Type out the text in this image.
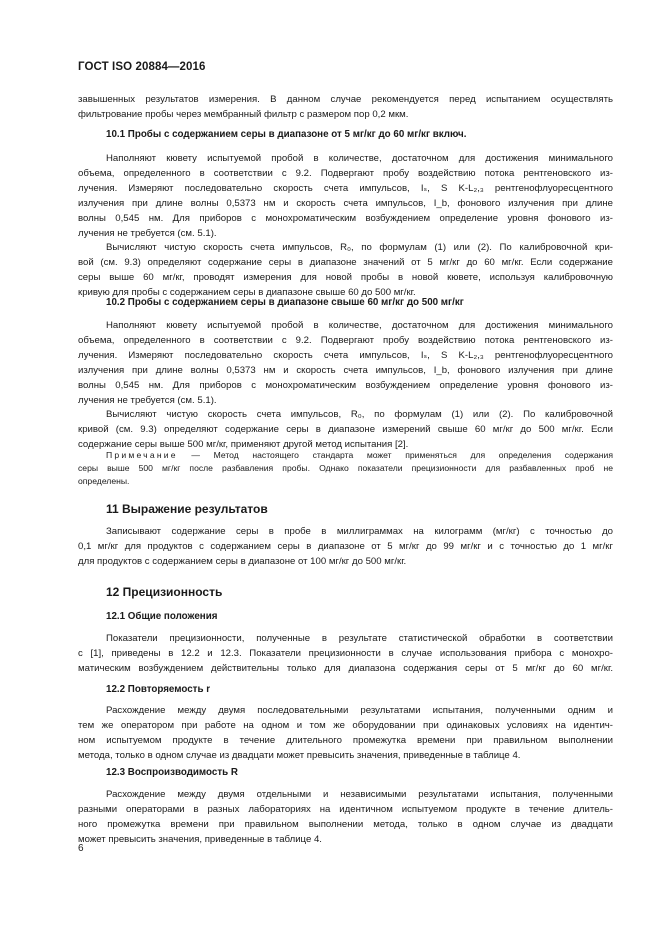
ГОСТ ISO 20884—2016
завышенных результатов измерения. В данном случае рекомендуется перед испытанием осуществлять
фильтрование пробы через мембранный фильтр с размером пор 0,2 мкм.
10.1 Пробы с содержанием серы в диапазоне от 5 мг/кг до 60 мг/кг включ.
Наполняют кювету испытуемой пробой в количестве, достаточном для достижения минимального
объема, определенного в соответствии с 9.2. Подвергают пробу воздействию потока рентгеновского из-
лучения. Измеряют последовательно скорость счета импульсов, Iₛ, S K-L₂,₃ рентгенофлуоресцентного
излучения при длине волны 0,5373 нм и скорость счета импульсов, I_b, фонового излучения при длине
волны 0,545 нм. Для приборов с монохроматическим возбуждением определение уровня фонового из-
лучения не требуется (см. 5.1).
Вычисляют чистую скорость счета импульсов, R₀, по формулам (1) или (2). По калибровочной кри-
вой (см. 9.3) определяют содержание серы в диапазоне значений от 5 мг/кг до 60 мг/кг. Если содержание
серы выше 60 мг/кг, проводят измерения для новой пробы в новой кювете, используя калибровочную
кривую для пробы с содержанием серы в диапазоне свыше 60 до 500 мг/кг.
10.2 Пробы с содержанием серы в диапазоне свыше 60 мг/кг до 500 мг/кг
Наполняют кювету испытуемой пробой в количестве, достаточном для достижения минимального
объема, определенного в соответствии с 9.2. Подвергают пробу воздействию потока рентгеновского из-
лучения. Измеряют последовательно скорость счета импульсов, Iₛ, S K-L₂,₃ рентгенофлуоресцентного
излучения при длине волны 0,5373 нм и скорость счета импульсов, I_b, фонового излучения при длине
волны 0,545 нм. Для приборов с монохроматическим возбуждением определение уровня фонового из-
лучения не требуется (см. 5.1).
Вычисляют чистую скорость счета импульсов, R₀, по формулам (1) или (2). По калибровочной
кривой (см. 9.3) определяют содержание серы в диапазоне измерений свыше 60 мг/кг до 500 мг/кг. Если
содержание серы выше 500 мг/кг, применяют другой метод испытания [2].
Примечание — Метод настоящего стандарта может применяться для определения содержания
серы выше 500 мг/кг после разбавления пробы. Однако показатели прецизионности для разбавленных проб не
определены.
11 Выражение результатов
Записывают содержание серы в пробе в миллиграммах на килограмм (мг/кг) с точностью до
0,1 мг/кг для продуктов с содержанием серы в диапазоне от 5 мг/кг до 99 мг/кг и с точностью до 1 мг/кг
для продуктов с содержанием серы в диапазоне от 100 мг/кг до 500 мг/кг.
12 Прецизионность
12.1 Общие положения
Показатели прецизионности, полученные в результате статистической обработки в соответствии
с [1], приведены в 12.2 и 12.3. Показатели прецизионности в случае использования прибора с монохро-
матическим возбуждением действительны только для диапазона содержания серы от 5 мг/кг до 60 мг/кг.
12.2 Повторяемость r
Расхождение между двумя последовательными результатами испытания, полученными одним и
тем же оператором при работе на одном и том же оборудовании при одинаковых условиях на идентич-
ном испытуемом продукте в течение длительного промежутка времени при правильном выполнении
метода, только в одном случае из двадцати может превысить значения, приведенные в таблице 4.
12.3 Воспроизводимость R
Расхождение между двумя отдельными и независимыми результатами испытания, полученными
разными операторами в разных лабораториях на идентичном испытуемом продукте в течение длитель-
ного промежутка времени при правильном выполнении метода, только в одном случае из двадцати
может превысить значения, приведенные в таблице 4.
6
